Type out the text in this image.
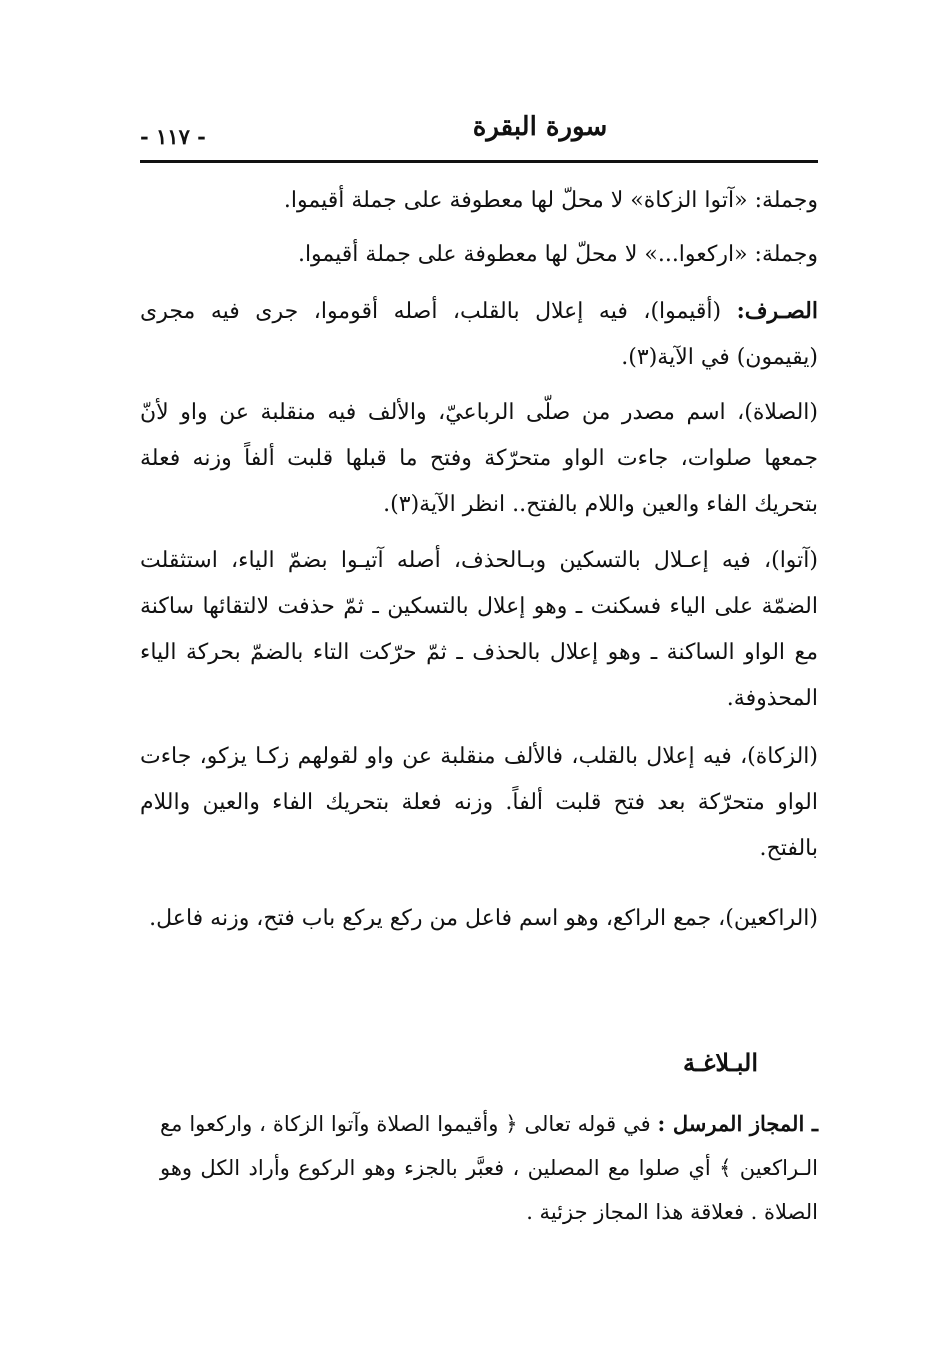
سورة البقرة
- ١١٧ -
وجملة: «آتوا الزكاة» لا محلّ لها معطوفة على جملة أقيموا.
وجملة: «اركعوا...» لا محلّ لها معطوفة على جملة أقيموا.
الصـرف: (أقيموا)، فيه إعلال بالقلب، أصله أقوموا، جرى فيه مجرى (يقيمون) في الآية(٣).
(الصلاة)، اسم مصدر من صلّى الرباعيّ، والألف فيه منقلبة عن واو لأنّ جمعها صلوات، جاءت الواو متحرّكة وفتح ما قبلها قلبت ألفاً وزنه فعلة بتحريك الفاء والعين واللام بالفتح.. انظر الآية(٣).
(آتوا)، فيه إعـلال بالتسكين وبـالحذف، أصله آتيـوا بضمّ الياء، استثقلت الضمّة على الياء فسكنت ـ وهو إعلال بالتسكين ـ ثمّ حذفت لالتقائها ساكنة مع الواو الساكنة ـ وهو إعلال بالحذف ـ ثمّ حرّكت التاء بالضمّ بحركة الياء المحذوفة.
(الزكاة)، فيه إعلال بالقلب، فالألف منقلبة عن واو لقولهم زكـا يزكو، جاءت الواو متحرّكة بعد فتح قلبت ألفاً. وزنه فعلة بتحريك الفاء والعين واللام بالفتح.
(الراكعين)، جمع الراكع، وهو اسم فاعل من ركع يركع باب فتح، وزنه فاعل.
البـلاغـة
ـ المجاز المرسل : في قوله تعالى ﴿ وأقيموا الصلاة وآتوا الزكاة ، واركعوا مع الـراكعين ﴾ أي صلوا مع المصلين ، فعبَّر بالجزء وهو الركوع وأراد الكل وهو الصلاة . فعلاقة هذا المجاز جزئية .
